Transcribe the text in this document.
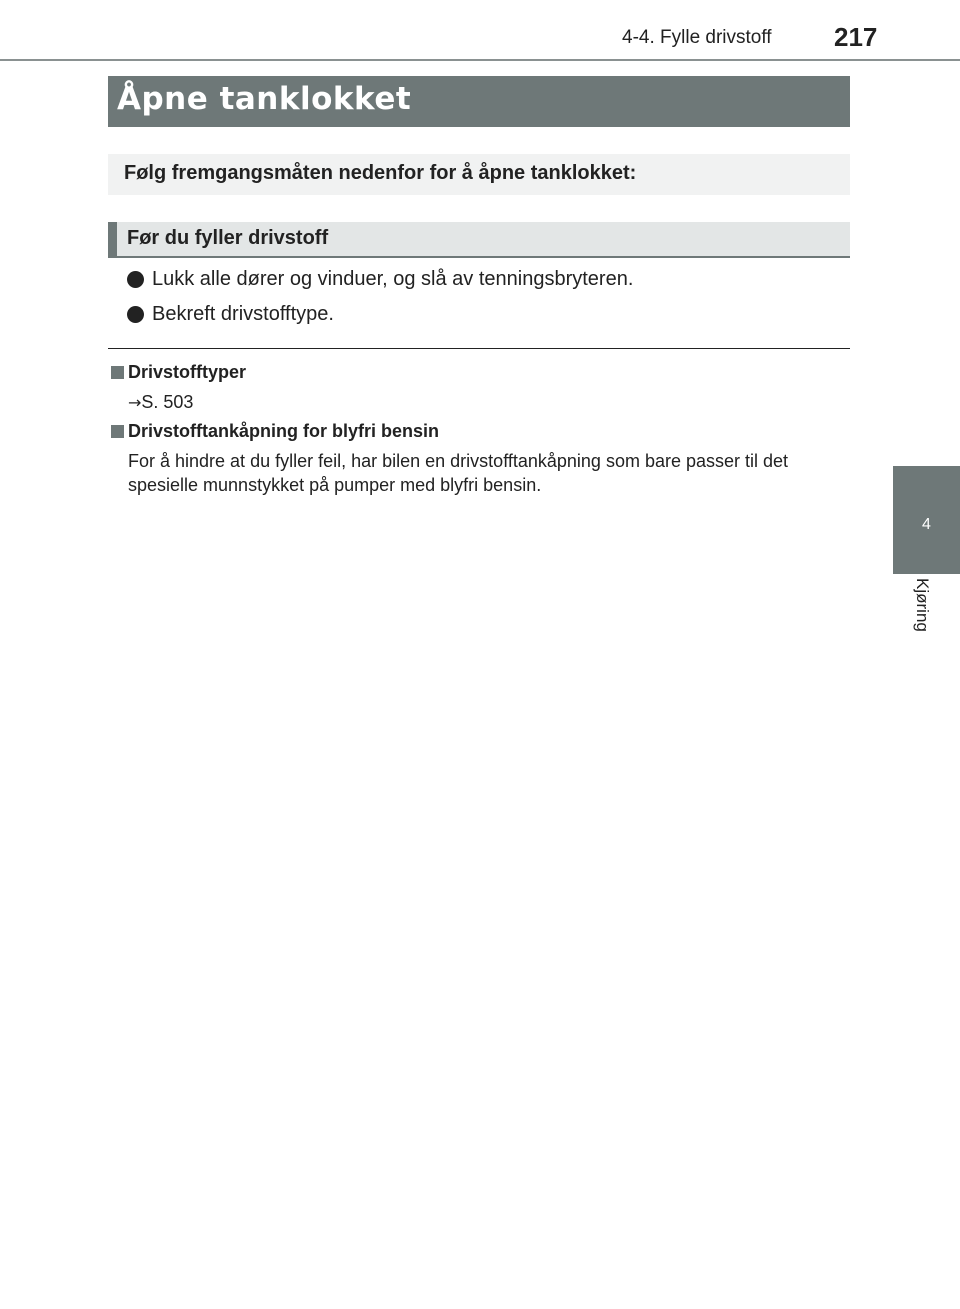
4-4. Fylle drivstoff 217
4
Kjøring
Åpne tanklokket
Følg fremgangsmåten nedenfor for å åpne tanklokket:
Før du fyller drivstoff
Lukk alle dører og vinduer, og slå av tenningsbryteren.
Bekreft drivstofftype.
Drivstofftyper
→S. 503
Drivstofftankåpning for blyfri bensin
For å hindre at du fyller feil, har bilen en drivstofftankåpning som bare passer til det spesielle munnstykket på pumper med blyfri bensin.
